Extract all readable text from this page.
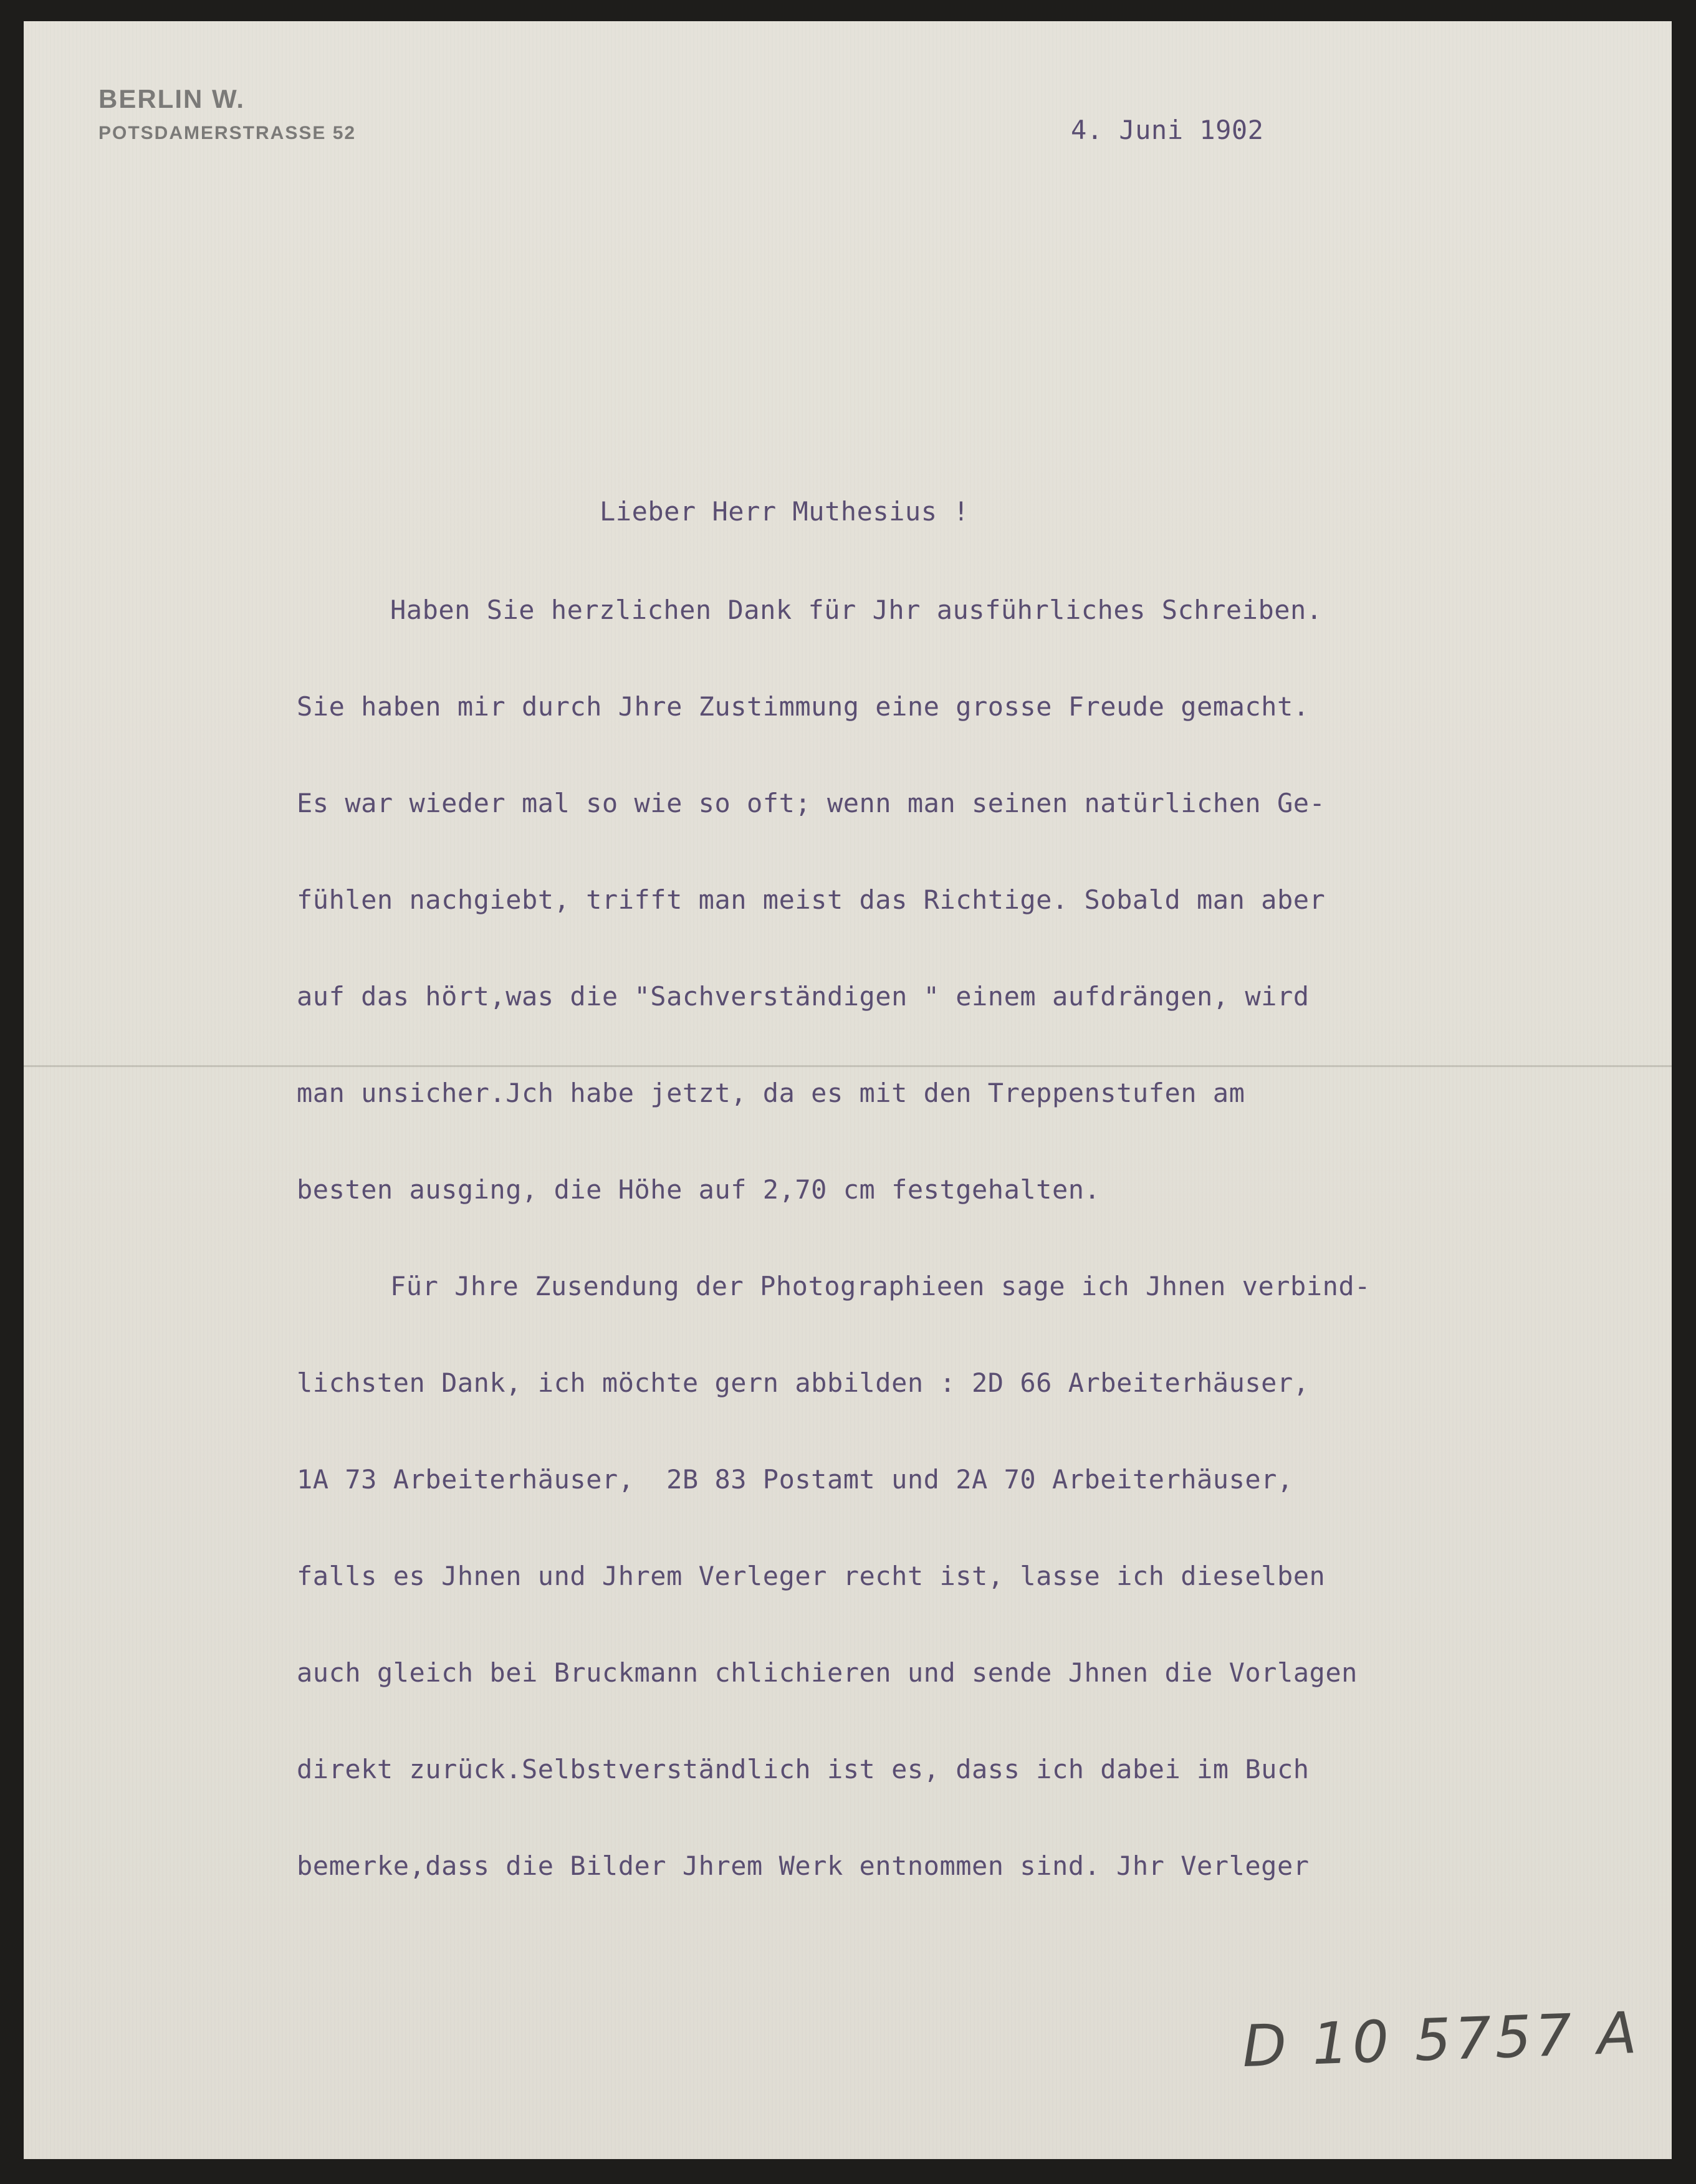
BERLIN W.
POTSDAMERSTRASSE 52	4. Juni 1902

Lieber Herr Muthesius !

Haben Sie herzlichen Dank für Jhr ausführliches Schreiben.

Sie haben mir durch Jhre Zustimmung eine grosse Freude gemacht.

Es war wieder mal so wie so oft; wenn man seinen natürlichen Ge-

fühlen nachgiebt, trifft man meist das Richtige. Sobald man aber

auf das hört,was die "Sachverständigen " einem aufdrängen, wird

man unsicher.Jch habe jetzt, da es mit den Treppenstufen am

besten ausging, die Höhe auf 2,70 cm festgehalten.

Für Jhre Zusendung der Photographieen sage ich Jhnen verbind-

lichsten Dank, ich möchte gern abbilden : 2D 66 Arbeiterhäuser,

1A 73 Arbeiterhäuser,  2B 83 Postamt und 2A 70 Arbeiterhäuser,

falls es Jhnen und Jhrem Verleger recht ist, lasse ich dieselben

auch gleich bei Bruckmann chlichieren und sende Jhnen die Vorlagen

direkt zurück.Selbstverständlich ist es, dass ich dabei im Buch

bemerke,dass die Bilder Jhrem Werk entnommen sind. Jhr Verleger

D 10 5757 A
